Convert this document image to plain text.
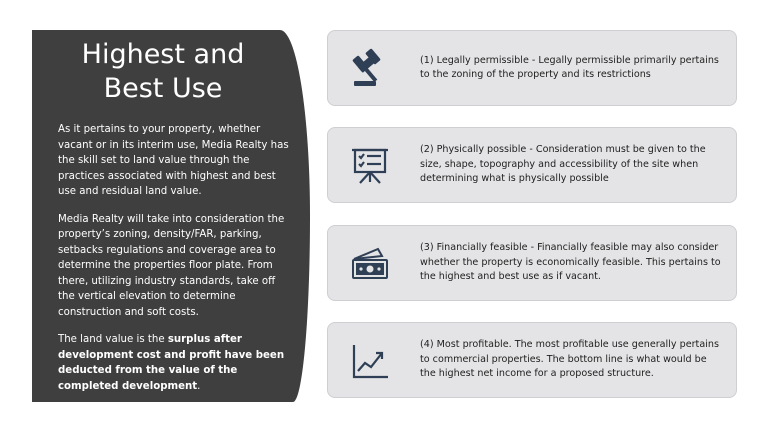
Highest and
Best Use

As it pertains to your property, whether vacant or in its interim use, Media Realty has the skill set to land value through the practices associated with highest and best use and residual land value.

Media Realty will take into consideration the property’s zoning, density/FAR, parking, setbacks regulations and coverage area to determine the properties floor plate. From there, utilizing industry standards, take off the vertical elevation to determine construction and soft costs.

The land value is the surplus after development cost and profit have been deducted from the value of the completed development.

(1) Legally permissible - Legally permissible primarily pertains to the zoning of the property and its restrictions
(2) Physically possible - Consideration must be given to the size, shape, topography and accessibility of the site when determining what is physically possible
(3) Financially feasible - Financially feasible may also consider whether the property is economically feasible. This pertains to the highest and best use as if vacant.
(4) Most profitable. The most profitable use generally pertains to commercial properties. The bottom line is what would be the highest net income for a proposed structure.
